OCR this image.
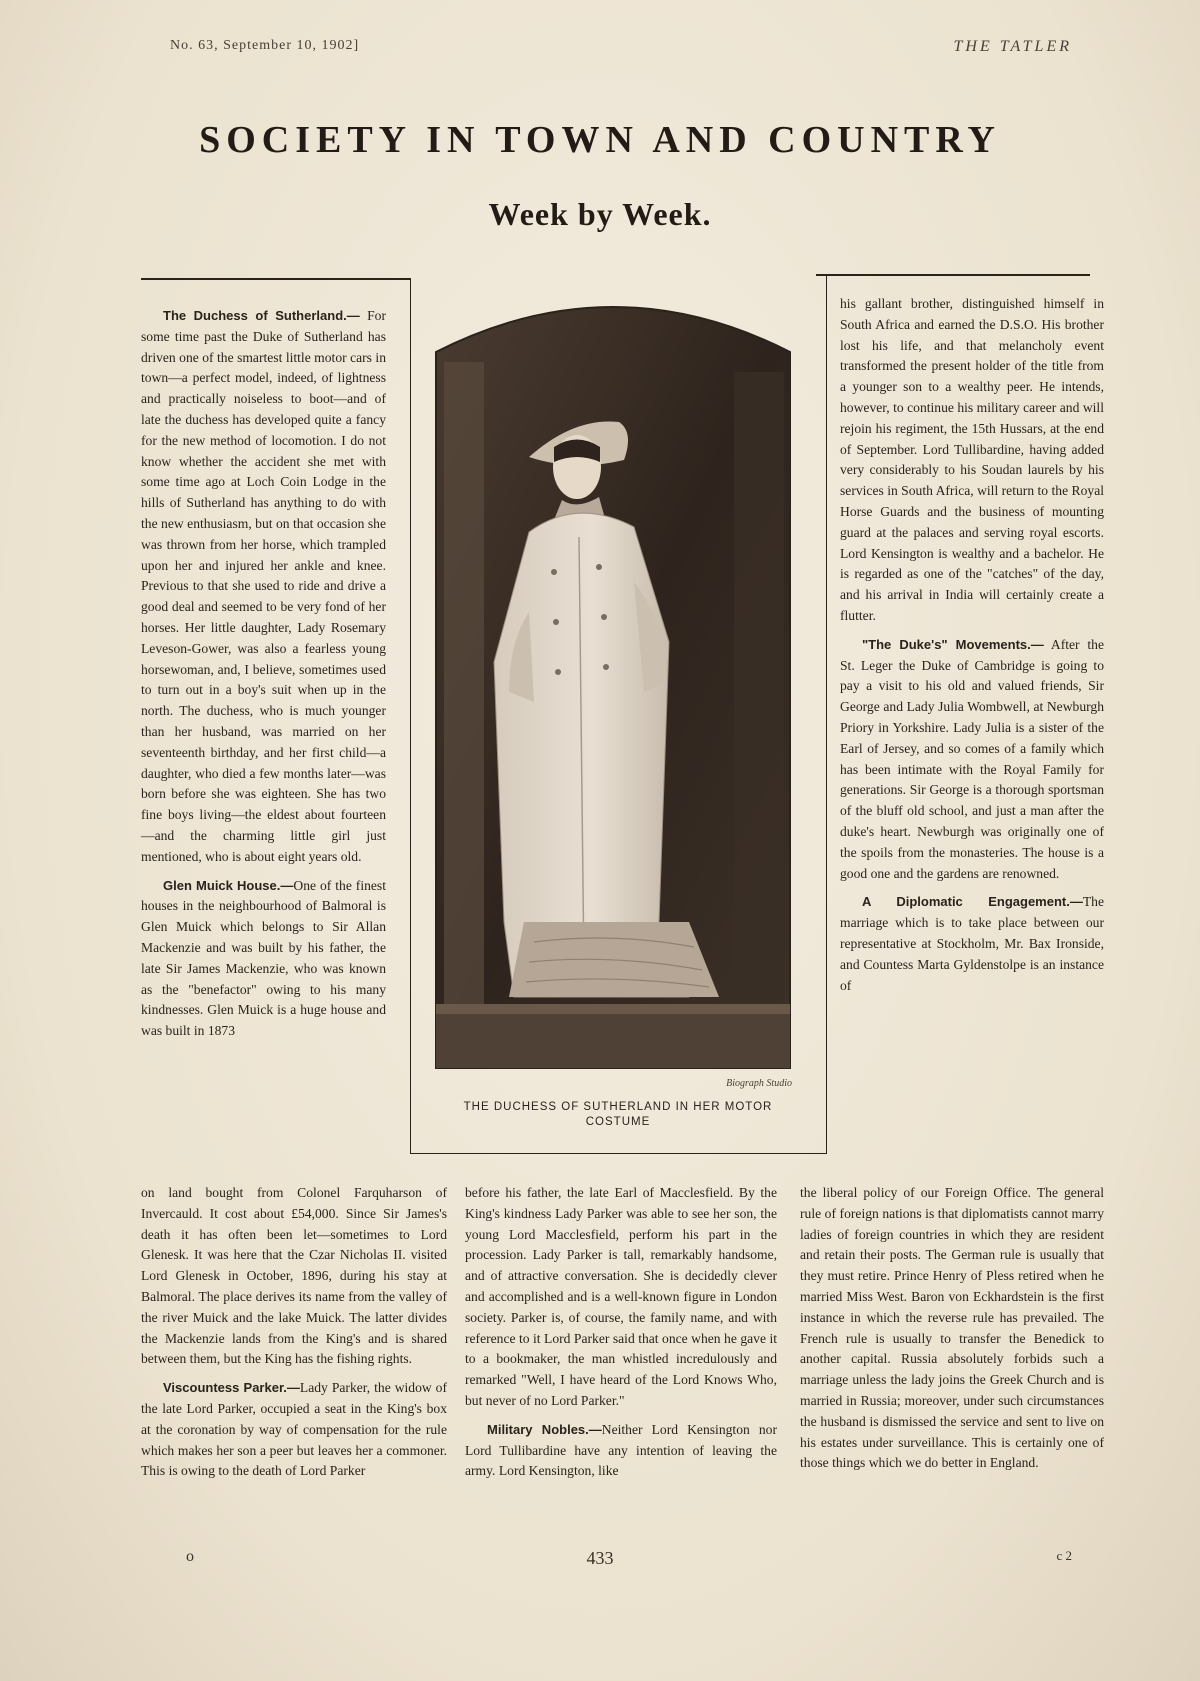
No. 63, September 10, 1902]	THE TATLER
SOCIETY IN TOWN AND COUNTRY
Week by Week.
Biograph Studio
THE DUCHESS OF SUTHERLAND IN HER MOTOR COSTUME

The Duchess of Sutherland.— For some time past the Duke of Sutherland has driven one of the smartest little motor cars in town—a perfect model, indeed, of lightness and practically noiseless to boot—and of late the duchess has developed quite a fancy for the new method of locomotion. I do not know whether the accident she met with some time ago at Loch Coin Lodge in the hills of Sutherland has anything to do with the new enthusiasm, but on that occasion she was thrown from her horse, which trampled upon her and injured her ankle and knee. Previous to that she used to ride and drive a good deal and seemed to be very fond of her horses. Her little daughter, Lady Rosemary Leveson-Gower, was also a fearless young horsewoman, and, I believe, sometimes used to turn out in a boy's suit when up in the north. The duchess, who is much younger than her husband, was married on her seventeenth birthday, and her first child—a daughter, who died a few months later—was born before she was eighteen. She has two fine boys living—the eldest about fourteen—and the charming little girl just mentioned, who is about eight years old.

Glen Muick House.—One of the finest houses in the neighbourhood of Balmoral is Glen Muick which belongs to Sir Allan Mackenzie and was built by his father, the late Sir James Mackenzie, who was known as the "benefactor" owing to his many kindnesses. Glen Muick is a huge house and was built in 1873

on land bought from Colonel Farquharson of Invercauld. It cost about £54,000. Since Sir James's death it has often been let—sometimes to Lord Glenesk. It was here that the Czar Nicholas II. visited Lord Glenesk in October, 1896, during his stay at Balmoral. The place derives its name from the valley of the river Muick and the lake Muick. The latter divides the Mackenzie lands from the King's and is shared between them, but the King has the fishing rights.

Viscountess Parker.—Lady Parker, the widow of the late Lord Parker, occupied a seat in the King's box at the coronation by way of compensation for the rule which makes her son a peer but leaves her a commoner. This is owing to the death of Lord Parker

before his father, the late Earl of Macclesfield. By the King's kindness Lady Parker was able to see her son, the young Lord Macclesfield, perform his part in the procession. Lady Parker is tall, remarkably handsome, and of attractive conversation. She is decidedly clever and accomplished and is a well-known figure in London society. Parker is, of course, the family name, and with reference to it Lord Parker said that once when he gave it to a bookmaker, the man whistled incredulously and remarked "Well, I have heard of the Lord Knows Who, but never of no Lord Parker."

Military Nobles.—Neither Lord Kensington nor Lord Tullibardine have any intention of leaving the army. Lord Kensington, like

his gallant brother, distinguished himself in South Africa and earned the D.S.O. His brother lost his life, and that melancholy event transformed the present holder of the title from a younger son to a wealthy peer. He intends, however, to continue his military career and will rejoin his regiment, the 15th Hussars, at the end of September. Lord Tullibardine, having added very considerably to his Soudan laurels by his services in South Africa, will return to the Royal Horse Guards and the business of mounting guard at the palaces and serving royal escorts. Lord Kensington is wealthy and a bachelor. He is regarded as one of the "catches" of the day, and his arrival in India will certainly create a flutter.

"The Duke's" Movements.— After the St. Leger the Duke of Cambridge is going to pay a visit to his old and valued friends, Sir George and Lady Julia Wombwell, at Newburgh Priory in Yorkshire. Lady Julia is a sister of the Earl of Jersey, and so comes of a family which has been intimate with the Royal Family for generations. Sir George is a thorough sportsman of the bluff old school, and just a man after the duke's heart. Newburgh was originally one of the spoils from the monasteries. The house is a good one and the gardens are renowned.

A Diplomatic Engagement.—The marriage which is to take place between our representative at Stockholm, Mr. Bax Ironside, and Countess Marta Gyldenstolpe is an instance of

the liberal policy of our Foreign Office. The general rule of foreign nations is that diplomatists cannot marry ladies of foreign countries in which they are resident and retain their posts. The German rule is usually that they must retire. Prince Henry of Pless retired when he married Miss West. Baron von Eckhardstein is the first instance in which the reverse rule has prevailed. The French rule is usually to transfer the Benedick to another capital. Russia absolutely forbids such a marriage unless the lady joins the Greek Church and is married in Russia; moreover, under such circumstances the husband is dismissed the service and sent to live on his estates under surveillance. This is certainly one of those things which we do better in England.

o	433	c 2
